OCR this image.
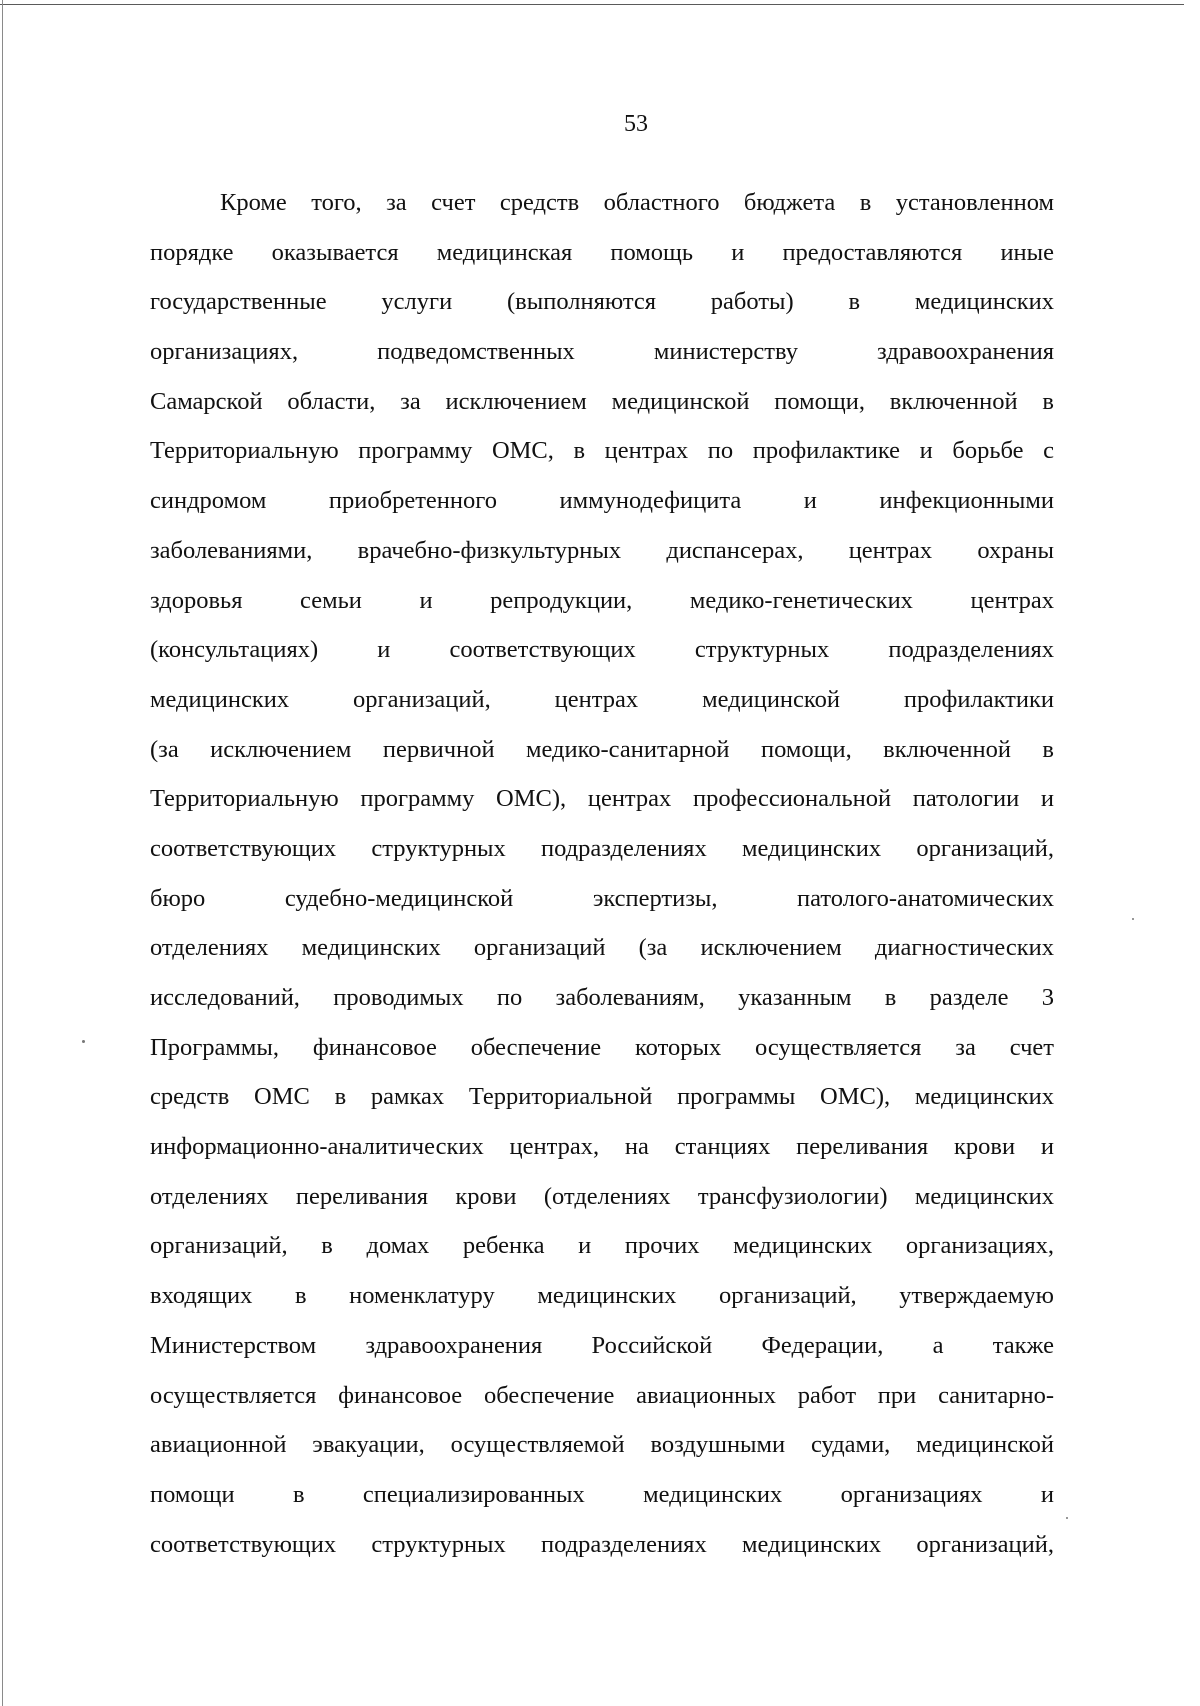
53
Кроме того, за счет средств областного бюджета в установленном
порядке оказывается медицинская помощь и предоставляются иные
государственные услуги (выполняются работы) в медицинских
организациях, подведомственных министерству здравоохранения
Самарской области, за исключением медицинской помощи, включенной в
Территориальную программу ОМС, в центрах по профилактике и борьбе с
синдромом приобретенного иммунодефицита и инфекционными
заболеваниями, врачебно-физкультурных диспансерах, центрах охраны
здоровья семьи и репродукции, медико-генетических центрах
(консультациях) и соответствующих структурных подразделениях
медицинских организаций, центрах медицинской профилактики
(за исключением первичной медико-санитарной помощи, включенной в
Территориальную программу ОМС), центрах профессиональной патологии и
соответствующих структурных подразделениях медицинских организаций,
бюро судебно-медицинской экспертизы, патолого-анатомических
отделениях медицинских организаций (за исключением диагностических
исследований, проводимых по заболеваниям, указанным в разделе 3
Программы, финансовое обеспечение которых осуществляется за счет
средств ОМС в рамках Территориальной программы ОМС), медицинских
информационно-аналитических центрах, на станциях переливания крови и
отделениях переливания крови (отделениях трансфузиологии) медицинских
организаций, в домах ребенка и прочих медицинских организациях,
входящих в номенклатуру медицинских организаций, утверждаемую
Министерством здравоохранения Российской Федерации, а также
осуществляется финансовое обеспечение авиационных работ при санитарно-
авиационной эвакуации, осуществляемой воздушными судами, медицинской
помощи в специализированных медицинских организациях и
соответствующих структурных подразделениях медицинских организаций,
